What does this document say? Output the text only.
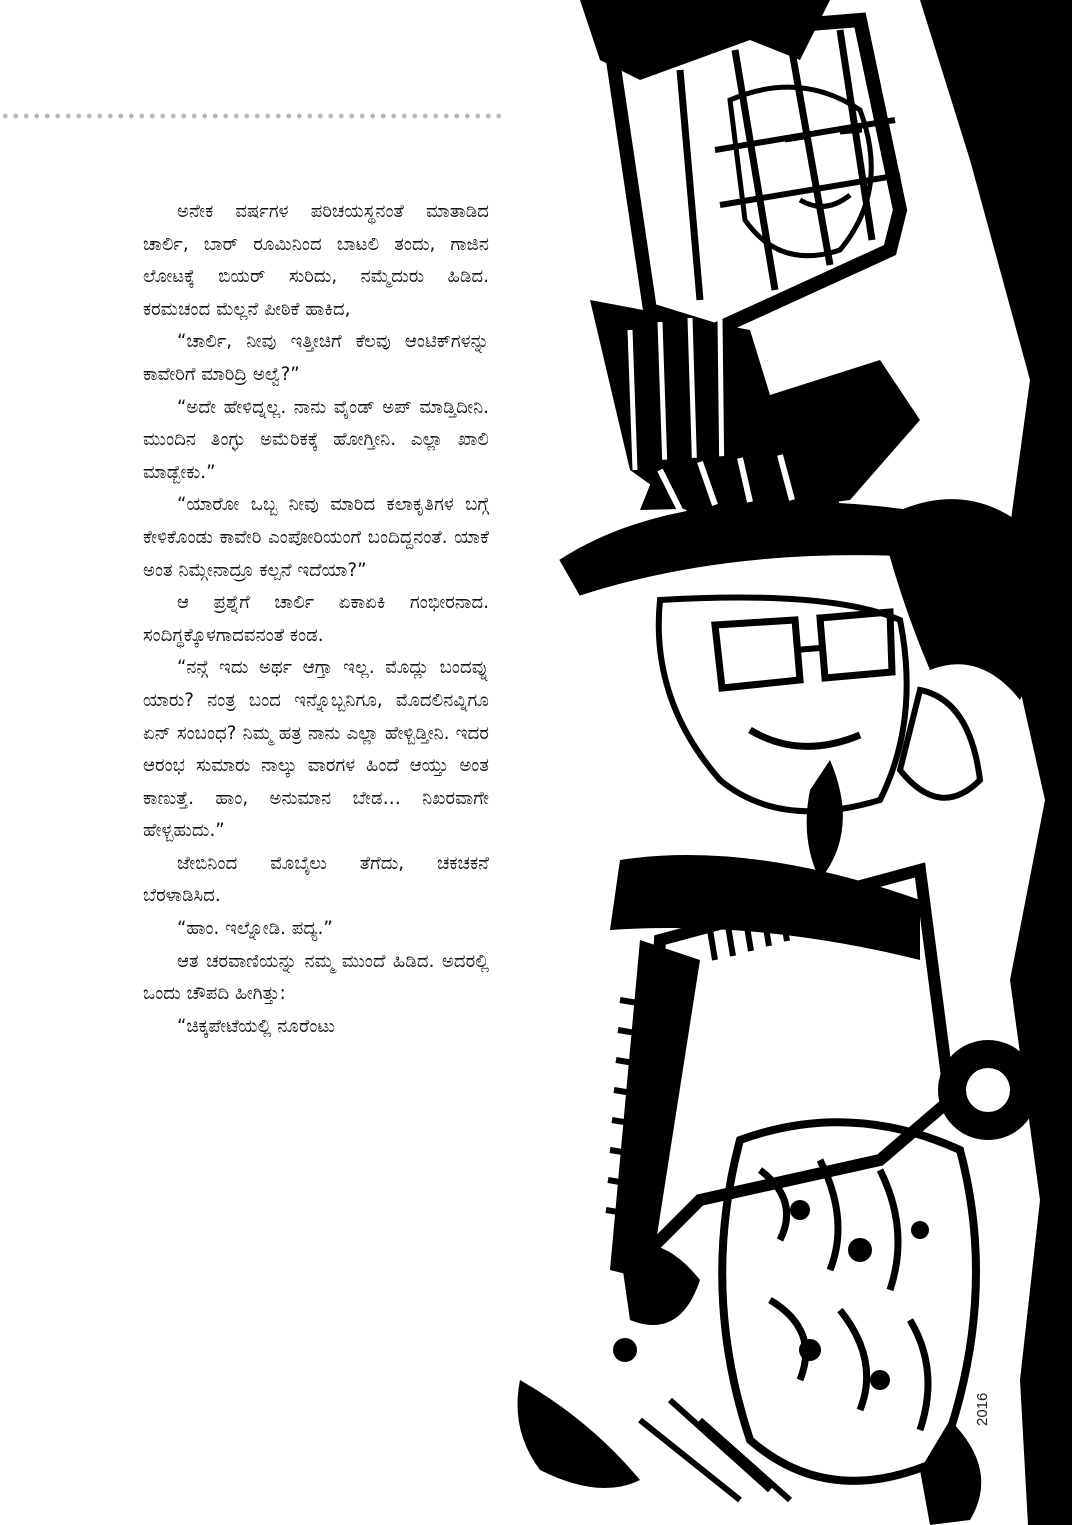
ಅನೇಕ ವರ್ಷಗಳ ಪರಿಚಯಸ್ಥನಂತೆ ಮಾತಾಡಿದ ಚಾರ್ಲಿ, ಬಾರ್ ರೂಮಿನಿಂದ ಬಾಟಲಿ ತಂದು, ಗಾಜಿನ ಲೋಟಕ್ಕೆ ಬಿಯರ್ ಸುರಿದು, ನಮ್ಮೆದುರು ಹಿಡಿದ. ಕರಮಚಂದ ಮೆಲ್ಲನೆ ಪೀಠಿಕೆ ಹಾಕಿದ,

“ಚಾರ್ಲಿ, ನೀವು ಇತ್ತೀಚಿಗೆ ಕೆಲವು ಆಂಟಿಕ್‌ಗಳನ್ನು ಕಾವೇರಿಗೆ ಮಾರಿದ್ರಿ ಅಲ್ವೆ?”

“ಅದೇ ಹೇಳಿದ್ನಲ್ಲ. ನಾನು ವೈಂಡ್ ಅಪ್ ಮಾಡ್ತಿದೀನಿ. ಮುಂದಿನ ತಿಂಗ್ಳು ಅಮೆರಿಕಕ್ಕೆ ಹೋಗ್ತೀನಿ. ಎಲ್ಲಾ ಖಾಲಿ ಮಾಡ್ಬೇಕು.”

“ಯಾರೋ ಒಬ್ಬ ನೀವು ಮಾರಿದ ಕಲಾಕೃತಿಗಳ ಬಗ್ಗೆ ಕೇಳಿಕೊಂಡು ಕಾವೇರಿ ಎಂಪೋರಿಯಂಗೆ ಬಂದಿದ್ದನಂತೆ. ಯಾಕೆ ಅಂತ ನಿಮ್ಗೇನಾದ್ರೂ ಕಲ್ಪನೆ ಇದೆಯಾ?”

ಆ ಪ್ರಶ್ನೆಗೆ ಚಾರ್ಲಿ ಏಕಾಏಕಿ ಗಂಭೀರನಾದ. ಸಂದಿಗ್ಧಕ್ಕೊಳಗಾದವನಂತೆ ಕಂಡ.

“ನನ್ಗೆ ಇದು ಅರ್ಥ ಆಗ್ತಾ ಇಲ್ಲ. ಮೊದ್ಲು ಬಂದವ್ನು ಯಾರು? ನಂತ್ರ ಬಂದ ಇನ್ನೊಬ್ಬನಿಗೂ, ಮೊದಲಿನವ್ನಿಗೂ ಏನ್ ಸಂಬಂಧ? ನಿಮ್ಮ ಹತ್ರ ನಾನು ಎಲ್ಲಾ ಹೇಳ್ಬಿಡ್ತೀನಿ. ಇದರ ಆರಂಭ ಸುಮಾರು ನಾಲ್ಕು ವಾರಗಳ ಹಿಂದೆ ಆಯ್ತು ಅಂತ ಕಾಣುತ್ತೆ. ಹಾಂ, ಅನುಮಾನ ಬೇಡ… ನಿಖರವಾಗೇ ಹೇಳ್ಬಹುದು.”

ಜೇಬಿನಿಂದ ಮೊಬೈಲು ತೆಗೆದು, ಚಕಚಕನೆ ಬೆರಳಾಡಿಸಿದ.

“ಹಾಂ. ಇಲ್ನೋಡಿ. ಪದ್ಯ.”

ಆತ ಚರವಾಣಿಯನ್ನು ನಮ್ಮ ಮುಂದೆ ಹಿಡಿದ. ಅದರಲ್ಲಿ ಒಂದು ಚೌಪದಿ ಹೀಗಿತ್ತು:

“ಚಿಕ್ಕಪೇಟೆಯಲ್ಲಿ ನೂರೆಂಟು

2016
